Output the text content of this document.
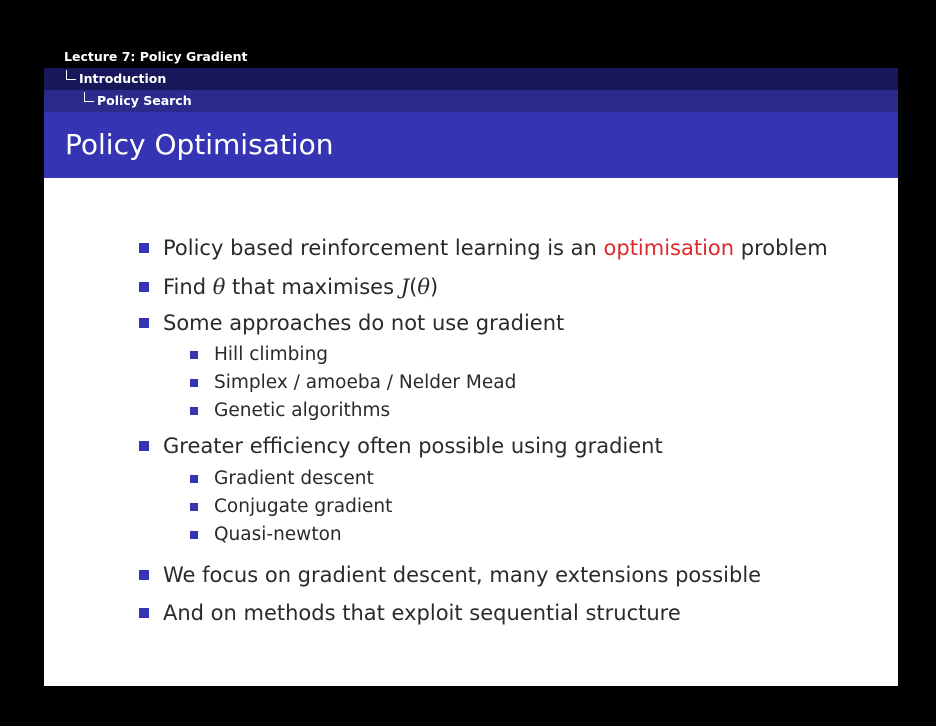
Lecture 7: Policy Gradient
Introduction
Policy Search
Policy Optimisation
Policy based reinforcement learning is an optimisation problem
Find θ that maximises J(θ)
Some approaches do not use gradient
Hill climbing
Simplex / amoeba / Nelder Mead
Genetic algorithms
Greater efficiency often possible using gradient
Gradient descent
Conjugate gradient
Quasi-newton
We focus on gradient descent, many extensions possible
And on methods that exploit sequential structure
